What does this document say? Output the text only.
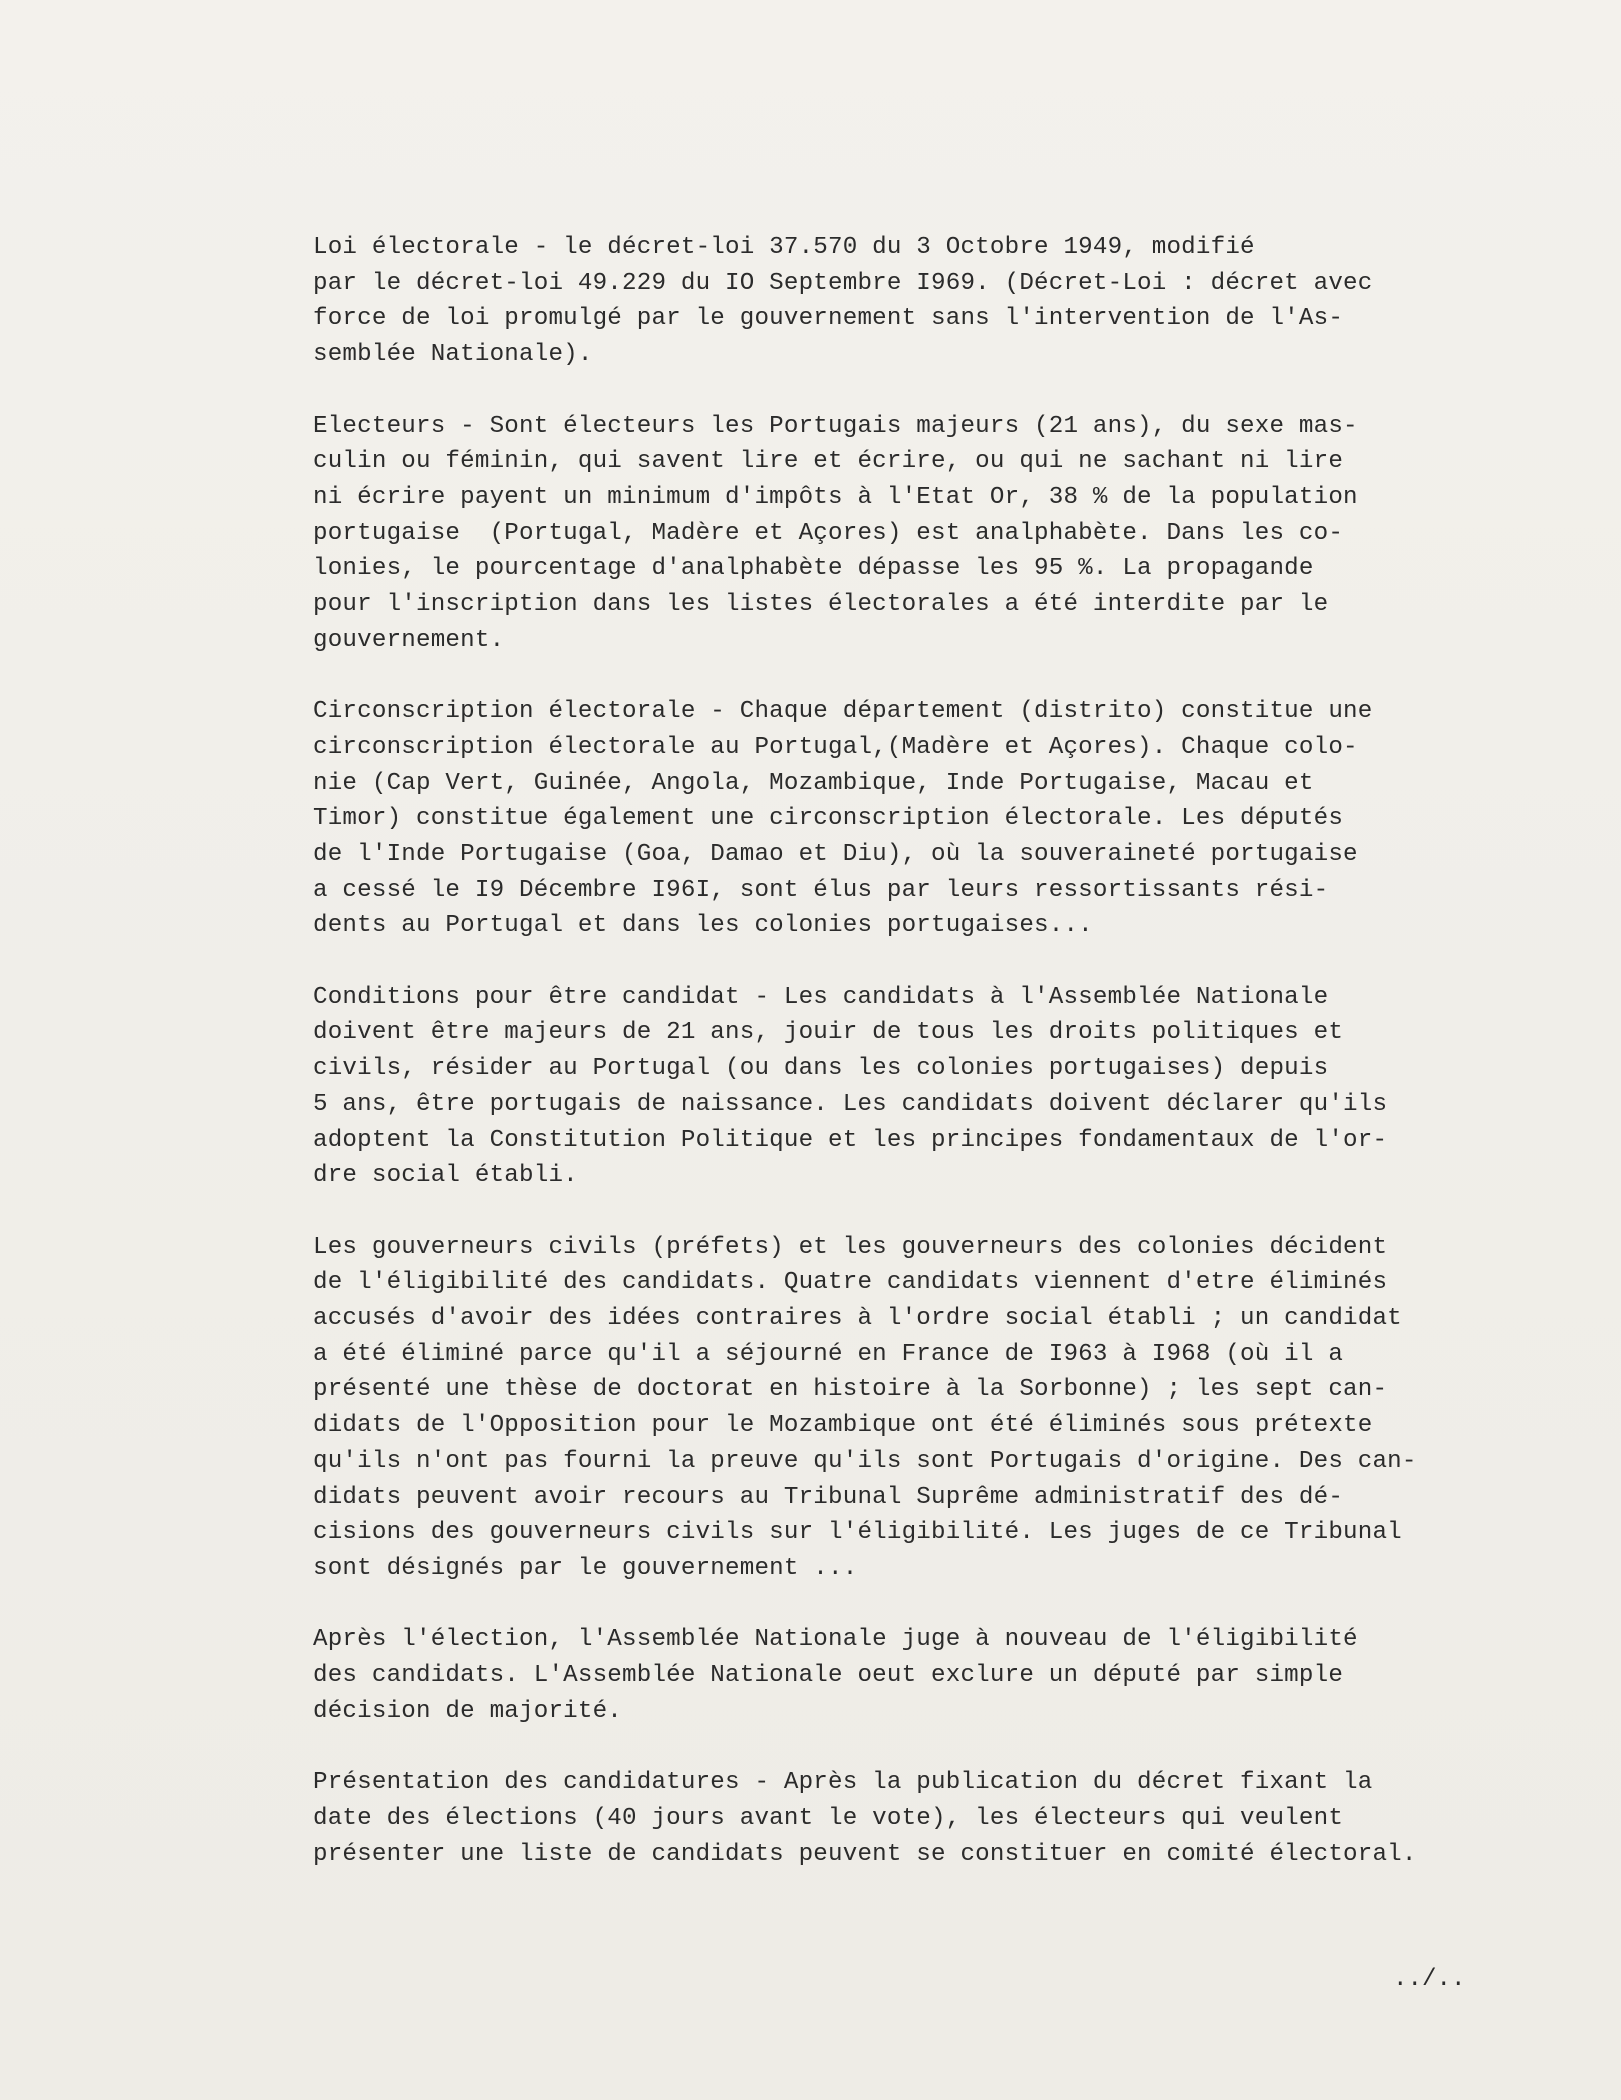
Loi électorale - le décret-loi 37.570 du 3 Octobre 1949, modifié
par le décret-loi 49.229 du IO Septembre I969. (Décret-Loi : décret avec
force de loi promulgé par le gouvernement sans l'intervention de l'As-
semblée Nationale).
Electeurs - Sont électeurs les Portugais majeurs (21 ans), du sexe mas-
culin ou féminin, qui savent lire et écrire, ou qui ne sachant ni lire
ni écrire payent un minimum d'impôts à l'Etat Or, 38 % de la population
portugaise  (Portugal, Madère et Açores) est analphabète. Dans les co-
lonies, le pourcentage d'analphabète dépasse les 95 %. La propagande
pour l'inscription dans les listes électorales a été interdite par le
gouvernement.
Circonscription électorale - Chaque département (distrito) constitue une
circonscription électorale au Portugal,(Madère et Açores). Chaque colo-
nie (Cap Vert, Guinée, Angola, Mozambique, Inde Portugaise, Macau et
Timor) constitue également une circonscription électorale. Les députés
de l'Inde Portugaise (Goa, Damao et Diu), où la souveraineté portugaise
a cessé le I9 Décembre I96I, sont élus par leurs ressortissants rési-
dents au Portugal et dans les colonies portugaises...
Conditions pour être candidat - Les candidats à l'Assemblée Nationale
doivent être majeurs de 21 ans, jouir de tous les droits politiques et
civils, résider au Portugal (ou dans les colonies portugaises) depuis
5 ans, être portugais de naissance. Les candidats doivent déclarer qu'ils
adoptent la Constitution Politique et les principes fondamentaux de l'or-
dre social établi.
Les gouverneurs civils (préfets) et les gouverneurs des colonies décident
de l'éligibilité des candidats. Quatre candidats viennent d'etre éliminés
accusés d'avoir des idées contraires à l'ordre social établi ; un candidat
a été éliminé parce qu'il a séjourné en France de I963 à I968 (où il a
présenté une thèse de doctorat en histoire à la Sorbonne) ; les sept can-
didats de l'Opposition pour le Mozambique ont été éliminés sous prétexte
qu'ils n'ont pas fourni la preuve qu'ils sont Portugais d'origine. Des can-
didats peuvent avoir recours au Tribunal Suprême administratif des dé-
cisions des gouverneurs civils sur l'éligibilité. Les juges de ce Tribunal
sont désignés par le gouvernement ...
Après l'élection, l'Assemblée Nationale juge à nouveau de l'éligibilité
des candidats. L'Assemblée Nationale oeut exclure un député par simple
décision de majorité.
Présentation des candidatures - Après la publication du décret fixant la
date des élections (40 jours avant le vote), les électeurs qui veulent
présenter une liste de candidats peuvent se constituer en comité électoral.
../..
